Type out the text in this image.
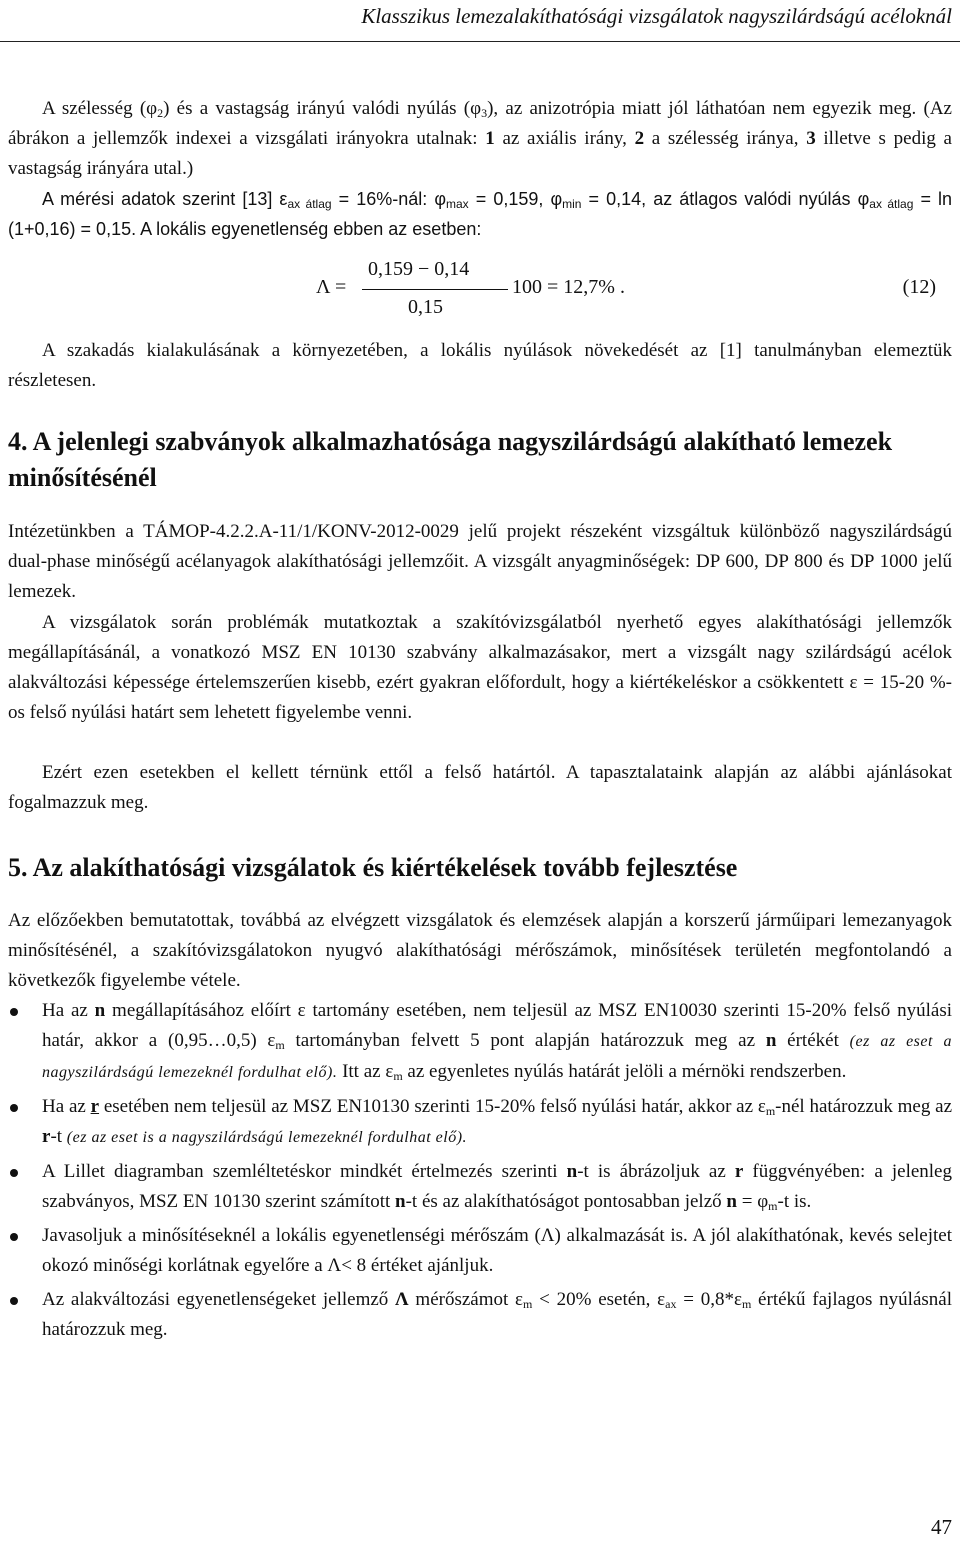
Klasszikus lemezalakíthatósági vizsgálatok nagyszilárdságú acéloknál

A szélesség $(\varphi_2)$ és a vastagság irányú valódi nyúlás $(\varphi_3)$, az anizotrópia miatt jól láthatóan nem egyezik meg. (Az ábrákon a jellemzők indexei a vizsgálati irányokra utalnak: 1 az axiális irány, 2 a szélesség iránya, 3 illetve s pedig a vastagság irányára utal.)

A mérési adatok szerint [13] $\varepsilon_{ax átlag}$ = 16%-nál: $\varphi_{max} = 0,159$, $\varphi_{min} = 0,14$, az átlagos valódi nyúlás $\varphi_{ax átlag} = \ln (1+0,16) = 0,15$. A lokális egyenetlenség ebben az esetben:

Λ =
0,159 − 0,14
0,15
100 = 12,7% .	(12)

A szakadás kialakulásának a környezetében, a lokális nyúlások növekedését az [1] tanulmányban elemeztük részletesen.

4. A jelenlegi szabványok alkalmazhatósága nagyszilárdságú alakítható lemezek minősítésénél

Intézetünkben a TÁMOP-4.2.2.A-11/1/KONV-2012-0029 jelű projekt részeként vizsgáltuk különböző nagyszilárdságú dual-phase minőségű acélanyagok alakíthatósági jellemzőit. A vizsgált anyagminőségek: DP 600, DP 800 és DP 1000 jelű lemezek.

A vizsgálatok során problémák mutatkoztak a szakítóvizsgálatból nyerhető egyes alakíthatósági jellemzők megállapításánál, a vonatkozó MSZ EN 10130 szabvány alkalmazásakor, mert a vizsgált nagy szilárdságú acélok alakváltozási képessége értelemszerűen kisebb, ezért gyakran előfordult, hogy a kiértékeléskor a csökkentett ε = 15-20 %-os felső nyúlási határt sem lehetett figyelembe venni.

Ezért ezen esetekben el kellett térnünk ettől a felső határtól. A tapasztalataink alapján az alábbi ajánlásokat fogalmazzuk meg.

5. Az alakíthatósági vizsgálatok és kiértékelések tovább fejlesztése

Az előzőekben bemutatottak, továbbá az elvégzett vizsgálatok és elemzések alapján a korszerű járműipari lemezanyagok minősítésénél, a szakítóvizsgálatokon nyugvó alakíthatósági mérőszámok, minősítések területén megfontolandó a következők figyelembe vétele.

Ha az n megállapításához előírt ε tartomány esetében, nem teljesül az MSZ EN10030 szerinti 15-20% felső nyúlási határ, akkor a (0,95…0,5) $\varepsilon_m$ tartományban felvett 5 pont alapján határozzuk meg az n értékét (ez az eset a nagyszilárdságú lemezeknél fordulhat elő). Itt az $\varepsilon_m$ az egyenletes nyúlás határát jelöli a mérnöki rendszerben.
Ha az r esetében nem teljesül az MSZ EN10130 szerinti 15-20% felső nyúlási határ, akkor az $\varepsilon_m$-nél határozzuk meg az r-t (ez az eset is a nagyszilárdságú lemezeknél fordulhat elő).
A Lillet diagramban szemléltetéskor mindkét értelmezés szerinti n-t is ábrázoljuk az r függvényében: a jelenleg szabványos, MSZ EN 10130 szerint számított n-t és az alakíthatóságot pontosabban jelző $n = \varphi_m-t$ is.
Javasoljuk a minősítéseknél a lokális egyenetlenségi mérőszám (Λ) alkalmazását is. A jól alakíthatónak, kevés selejtet okozó minőségi korlátnak egyelőre a Λ< 8 értéket ajánljuk.
Az alakváltozási egyenetlenségeket jellemző Λ mérőszámot $\varepsilon_m < 20\%$ esetén, $\varepsilon_{ax} = 0,8*\varepsilon_m$ értékű fajlagos nyúlásnál határozzuk meg.
47
